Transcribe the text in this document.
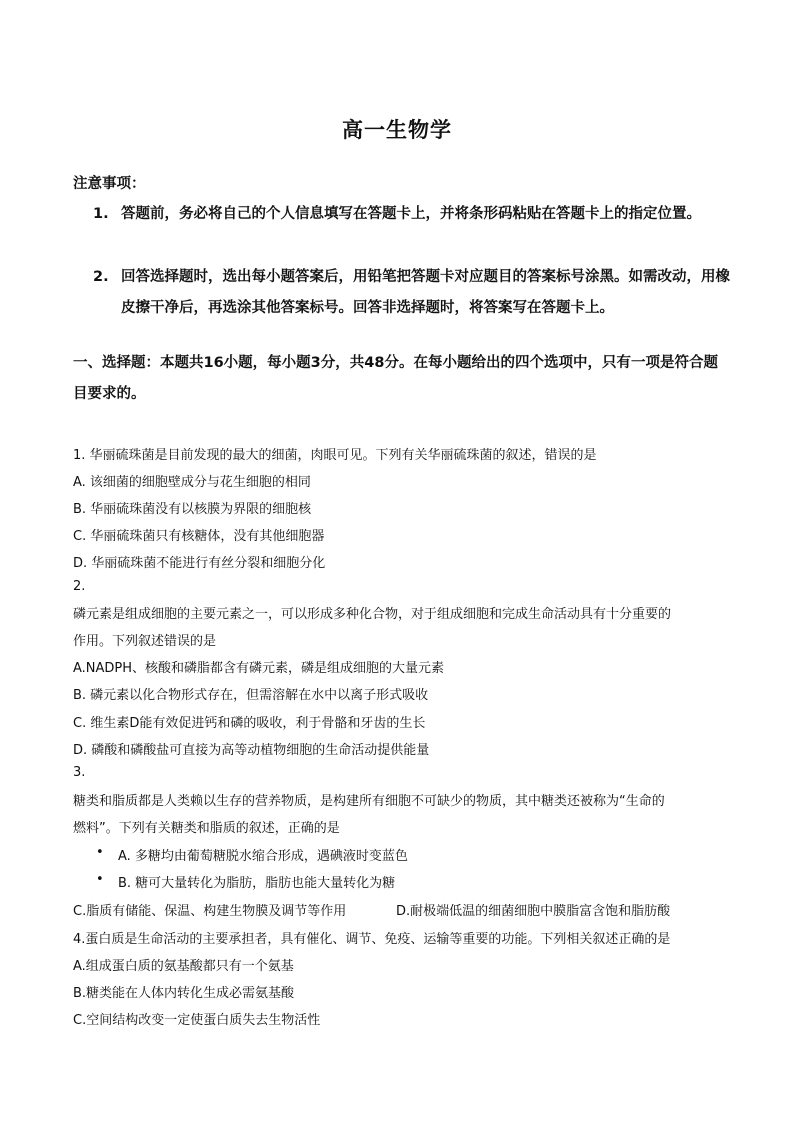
高一生物学
注意事项：
1. 答题前，务必将自己的个人信息填写在答题卡上，并将条形码粘贴在答题卡上的指定位置。
2. 回答选择题时，选出每小题答案后，用铅笔把答题卡对应题目的答案标号涂黑。如需改动，用橡皮擦干净后，再选涂其他答案标号。回答非选择题时，将答案写在答题卡上。
一、选择题：本题共16小题，每小题3分，共48分。在每小题给出的四个选项中，只有一项是符合题目要求的。
1. 华丽硫珠菌是目前发现的最大的细菌，肉眼可见。下列有关华丽硫珠菌的叙述，错误的是
A. 该细菌的细胞壁成分与花生细胞的相同
B. 华丽硫珠菌没有以核膜为界限的细胞核
C. 华丽硫珠菌只有核糖体，没有其他细胞器
D. 华丽硫珠菌不能进行有丝分裂和细胞分化
2.
磷元素是组成细胞的主要元素之一，可以形成多种化合物，对于组成细胞和完成生命活动具有十分重要的
作用。下列叙述错误的是
A.NADPH、核酸和磷脂都含有磷元素，磷是组成细胞的大量元素
B. 磷元素以化合物形式存在，但需溶解在水中以离子形式吸收
C. 维生素D能有效促进钙和磷的吸收，利于骨骼和牙齿的生长
D. 磷酸和磷酸盐可直接为高等动植物细胞的生命活动提供能量
3.
糖类和脂质都是人类赖以生存的营养物质，是构建所有细胞不可缺少的物质，其中糖类还被称为“生命的
燃料”。下列有关糖类和脂质的叙述，正确的是
• A. 多糖均由葡萄糖脱水缩合形成，遇碘液时变蓝色
• B. 糖可大量转化为脂肪，脂肪也能大量转化为糖
C.脂质有储能、保温、构建生物膜及调节等作用	D.耐极端低温的细菌细胞中膜脂富含饱和脂肪酸
4.蛋白质是生命活动的主要承担者，具有催化、调节、免疫、运输等重要的功能。下列相关叙述正确的是
A.组成蛋白质的氨基酸都只有一个氨基
B.糖类能在人体内转化生成必需氨基酸
C.空间结构改变一定使蛋白质失去生物活性
